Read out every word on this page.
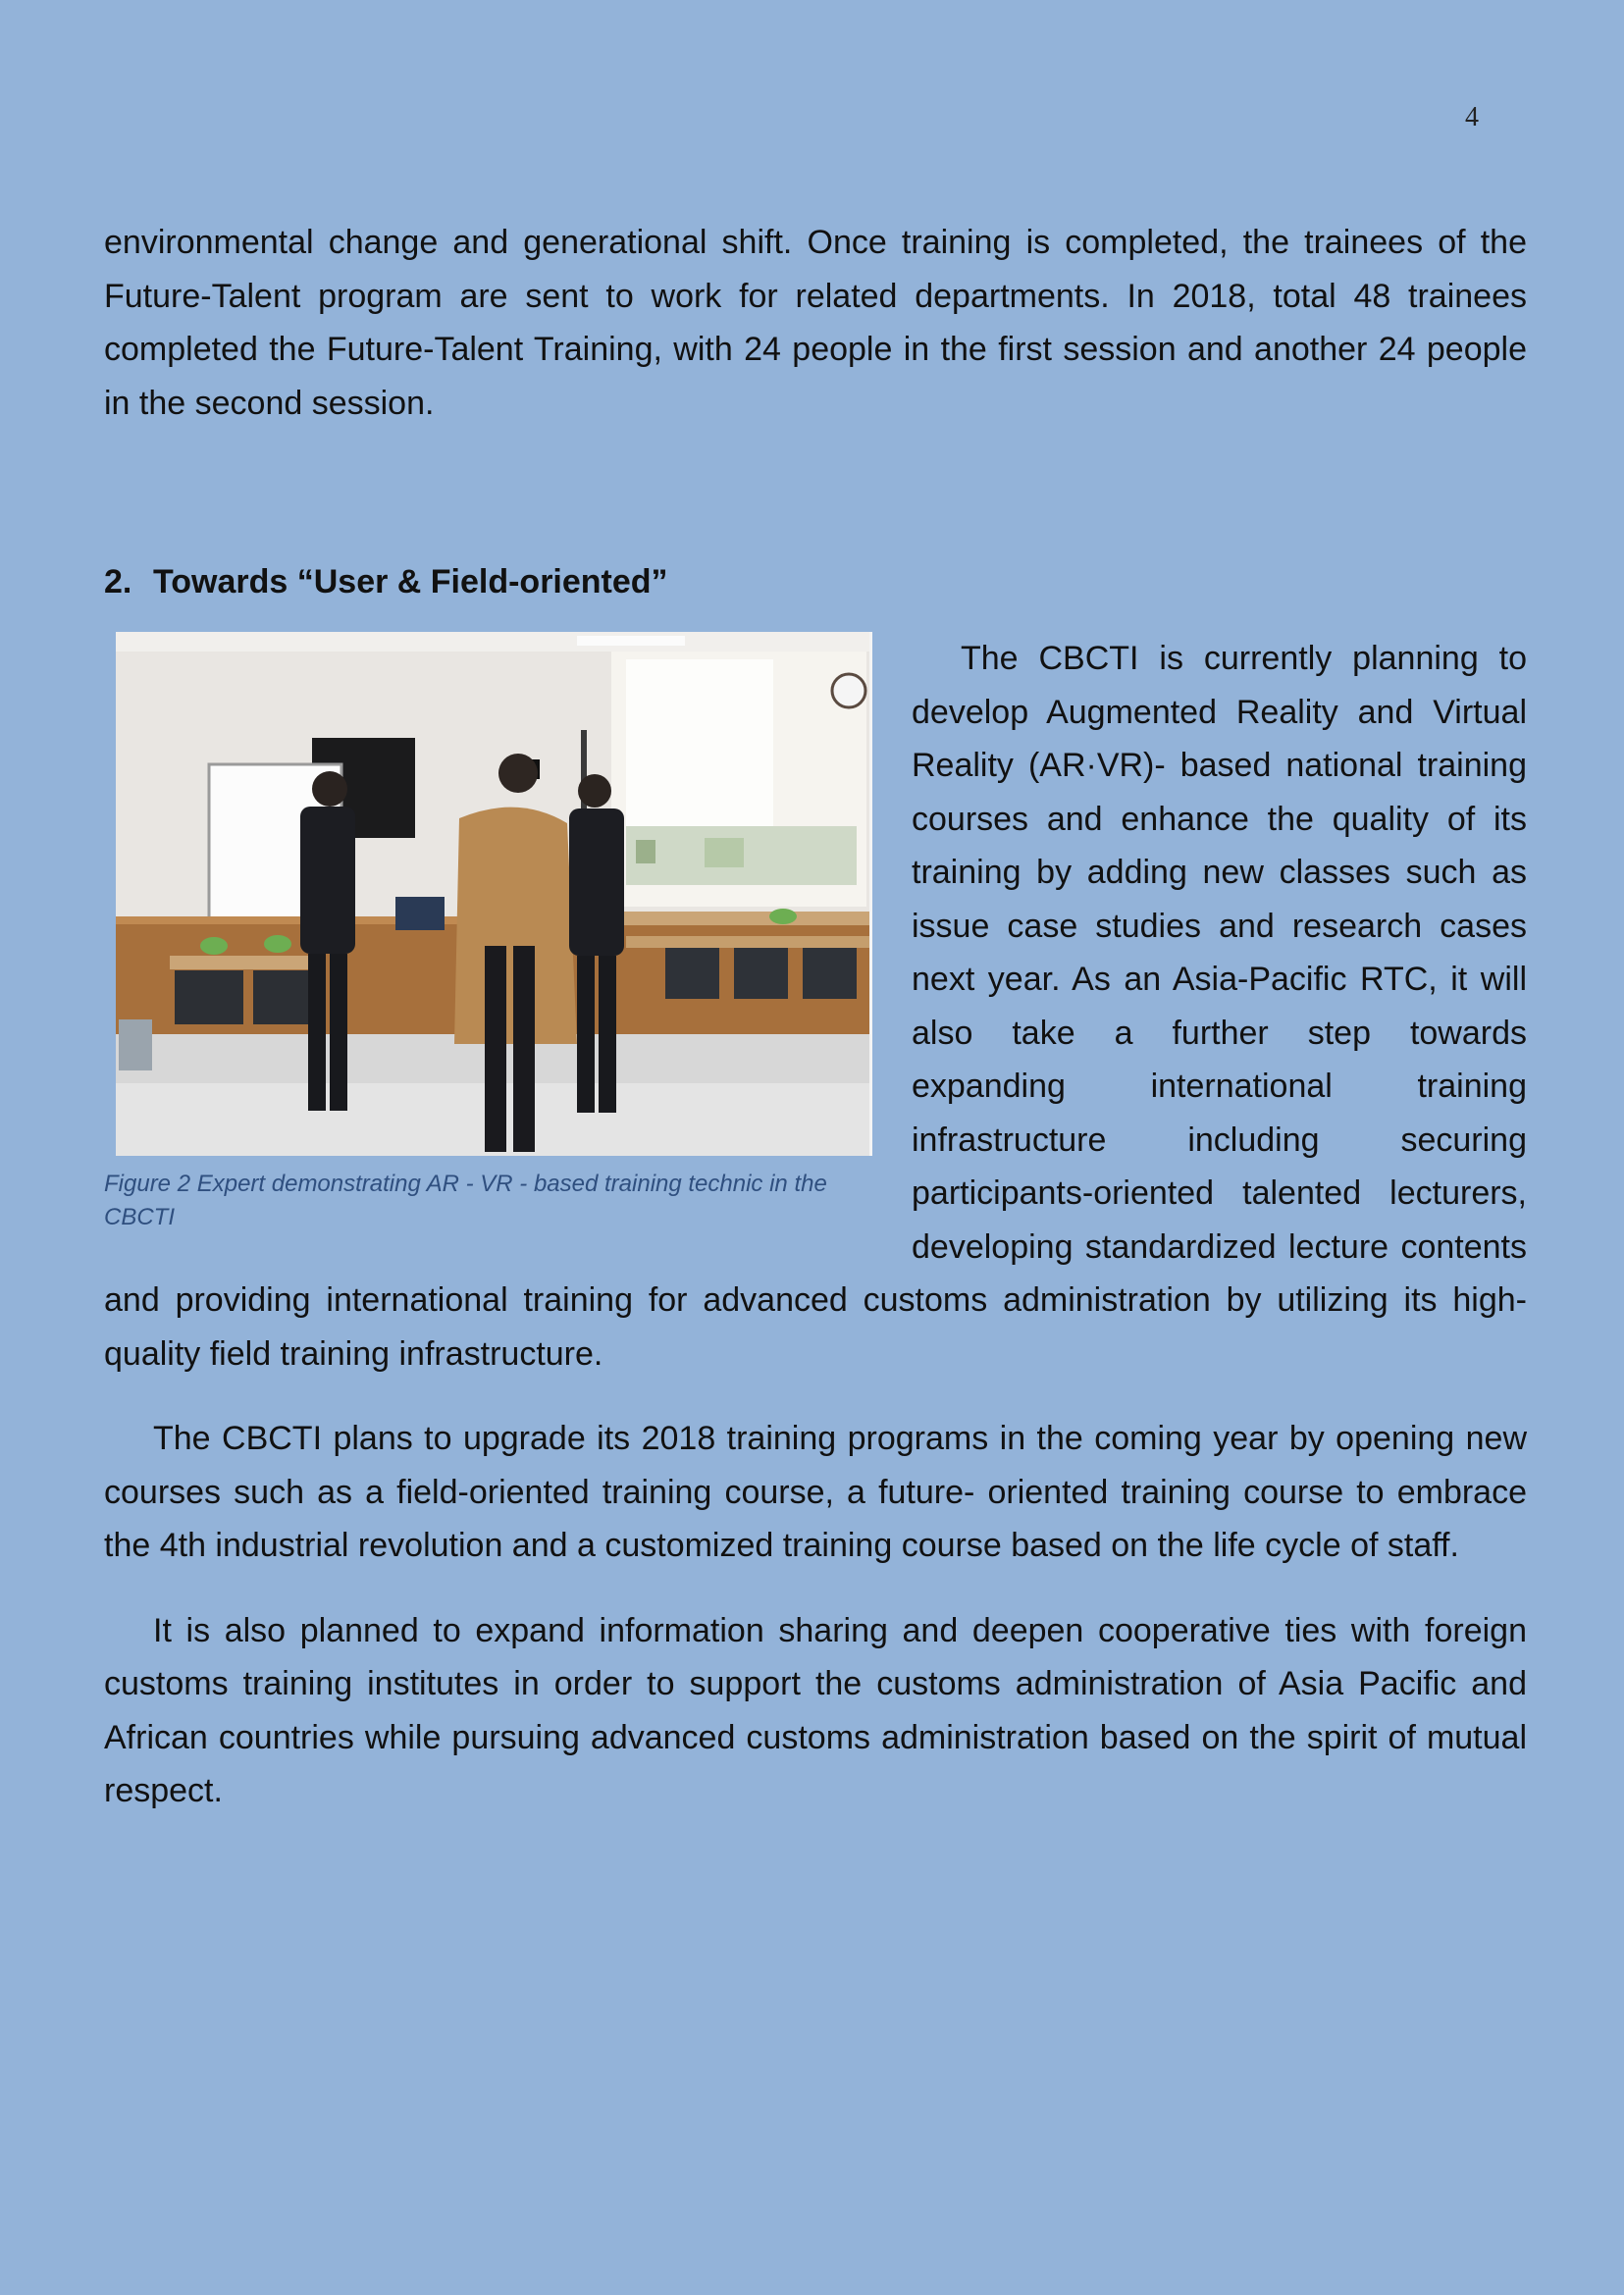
4

environmental change and generational shift. Once training is completed, the trainees of the Future-Talent program are sent to work for related departments. In 2018, total 48 trainees completed the Future-Talent Training, with 24 people in the first session and another 24 people in the second session.

2. Towards “User & Field-oriented”
Figure 2 Expert demonstrating AR - VR - based training technic in the CBCTI

The CBCTI is currently planning to develop Augmented Reality and Virtual Reality (AR·VR)- based national training courses and enhance the quality of its training by adding new classes such as issue case studies and research cases next year. As an Asia-Pacific RTC, it will also take a further step towards expanding international training infrastructure including securing participants-oriented talented lecturers, developing standardized lecture contents and providing international training for advanced customs administration by utilizing its high-quality field training infrastructure.

The CBCTI plans to upgrade its 2018 training programs in the coming year by opening new courses such as a field-oriented training course, a future- oriented training course to embrace the 4th industrial revolution and a customized training course based on the life cycle of staff.

It is also planned to expand information sharing and deepen cooperative ties with foreign customs training institutes in order to support the customs administration of Asia Pacific and African countries while pursuing advanced customs administration based on the spirit of mutual respect.
